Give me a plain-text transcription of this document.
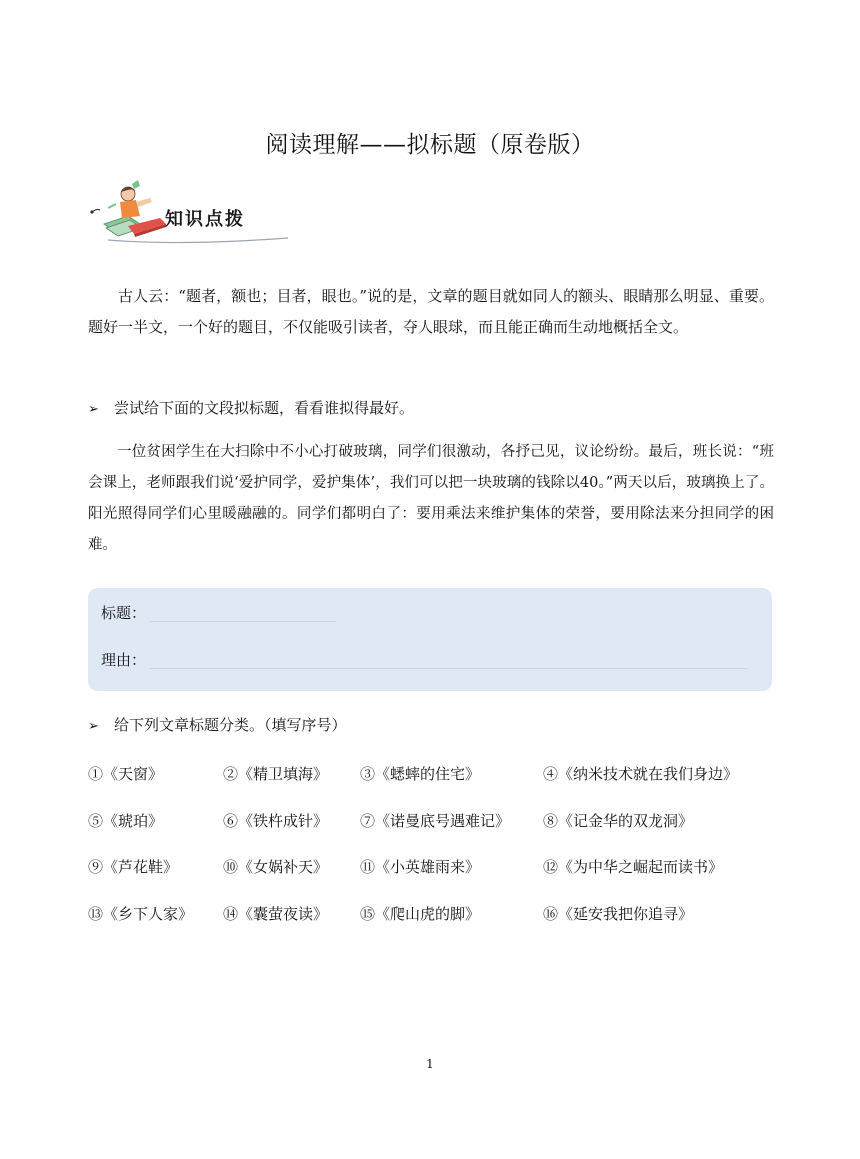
阅读理解——拟标题（原卷版）
知识点拨

古人云：“题者，额也；目者，眼也。”说的是，文章的题目就如同人的额头、眼睛那么明显、重要。题好一半文，一个好的题目，不仅能吸引读者，夺人眼球，而且能正确而生动地概括全文。

➢ 尝试给下面的文段拟标题，看看谁拟得最好。

一位贫困学生在大扫除中不小心打破玻璃，同学们很激动，各抒己见，议论纷纷。最后，班长说：“班会课上，老师跟我们说‘爱护同学，爱护集体’，我们可以把一块玻璃的钱除以40。”两天以后，玻璃换上了。阳光照得同学们心里暖融融的。同学们都明白了：要用乘法来维护集体的荣誉，要用除法来分担同学的困难。

标题：
理由：
➢ 给下列文章标题分类。（填写序号）
①《天窗》	②《精卫填海》 ③《蟋蟀的住宅》	④《纳米技术就在我们身边》
⑤《琥珀》	⑥《铁杵成针》 ⑦《诺曼底号遇难记》 ⑧《记金华的双龙洞》
⑨《芦花鞋》	⑩《女娲补天》 ⑪《小英雄雨来》	⑫《为中华之崛起而读书》
⑬《乡下人家》 ⑭《囊萤夜读》 ⑮《爬山虎的脚》	⑯《延安我把你追寻》
1
